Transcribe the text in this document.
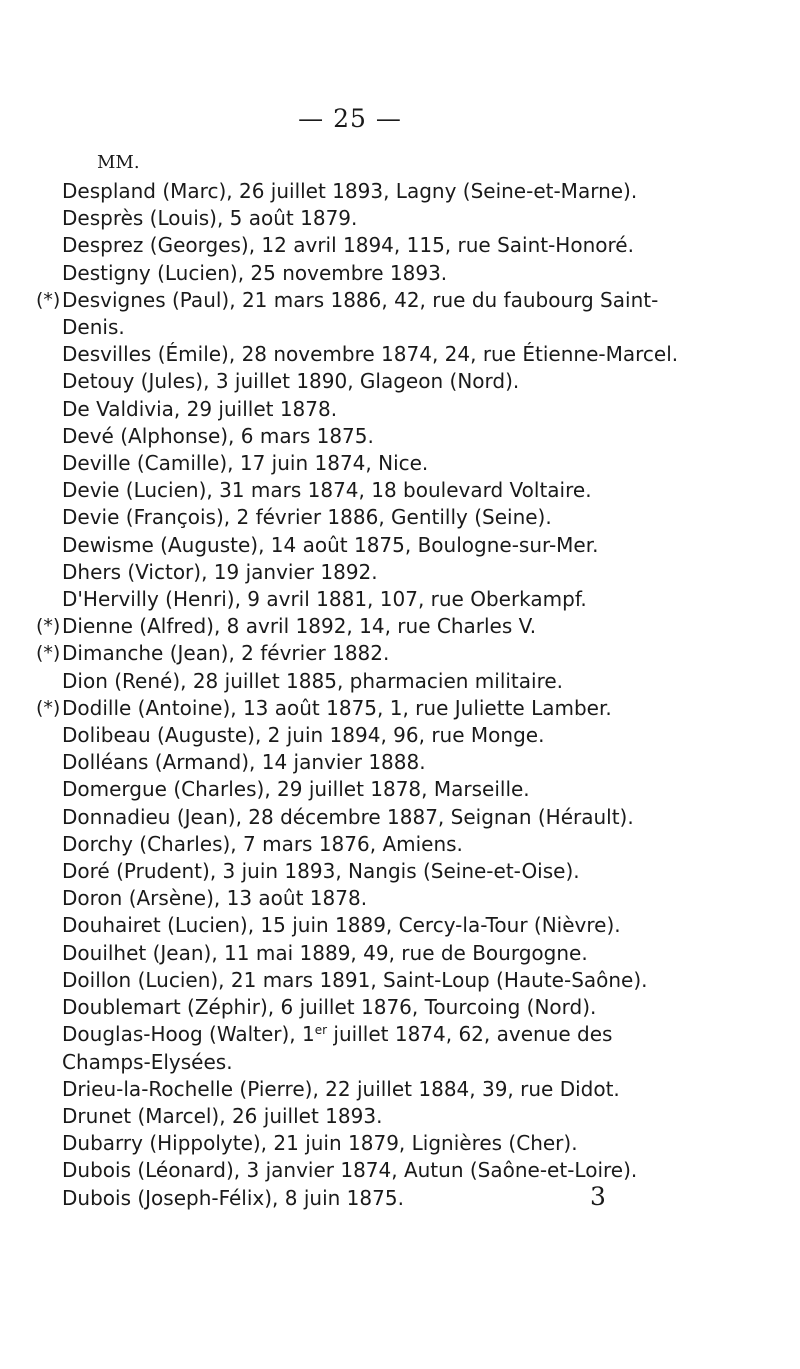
— 25 —
MM.
Despland (Marc), 26 juillet 1893, Lagny (Seine-et-Marne).
Desprès (Louis), 5 août 1879.
Desprez (Georges), 12 avril 1894, 115, rue Saint-Honoré.
Destigny (Lucien), 25 novembre 1893.
(*) Desvignes (Paul), 21 mars 1886, 42, rue du faubourg Saint-
Denis.
Desvilles (Émile), 28 novembre 1874, 24, rue Étienne-Marcel.
Detouy (Jules), 3 juillet 1890, Glageon (Nord).
De Valdivia, 29 juillet 1878.
Devé (Alphonse), 6 mars 1875.
Deville (Camille), 17 juin 1874, Nice.
Devie (Lucien), 31 mars 1874, 18 boulevard Voltaire.
Devie (François), 2 février 1886, Gentilly (Seine).
Dewisme (Auguste), 14 août 1875, Boulogne-sur-Mer.
Dhers (Victor), 19 janvier 1892.
D'Hervilly (Henri), 9 avril 1881, 107, rue Oberkampf.
(*) Dienne (Alfred), 8 avril 1892, 14, rue Charles V.
(*) Dimanche (Jean), 2 février 1882.
Dion (René), 28 juillet 1885, pharmacien militaire.
(*) Dodille (Antoine), 13 août 1875, 1, rue Juliette Lamber.
Dolibeau (Auguste), 2 juin 1894, 96, rue Monge.
Dolléans (Armand), 14 janvier 1888.
Domergue (Charles), 29 juillet 1878, Marseille.
Donnadieu (Jean), 28 décembre 1887, Seignan (Hérault).
Dorchy (Charles), 7 mars 1876, Amiens.
Doré (Prudent), 3 juin 1893, Nangis (Seine-et-Oise).
Doron (Arsène), 13 août 1878.
Douhairet (Lucien), 15 juin 1889, Cercy-la-Tour (Nièvre).
Douilhet (Jean), 11 mai 1889, 49, rue de Bourgogne.
Doillon (Lucien), 21 mars 1891, Saint-Loup (Haute-Saône).
Doublemart (Zéphir), 6 juillet 1876, Tourcoing (Nord).
Douglas-Hoog (Walter), 1er juillet 1874, 62, avenue des
Champs-Elysées.
Drieu-la-Rochelle (Pierre), 22 juillet 1884, 39, rue Didot.
Drunet (Marcel), 26 juillet 1893.
Dubarry (Hippolyte), 21 juin 1879, Lignières (Cher).
Dubois (Léonard), 3 janvier 1874, Autun (Saône-et-Loire).
Dubois (Joseph-Félix), 8 juin 1875.	3
